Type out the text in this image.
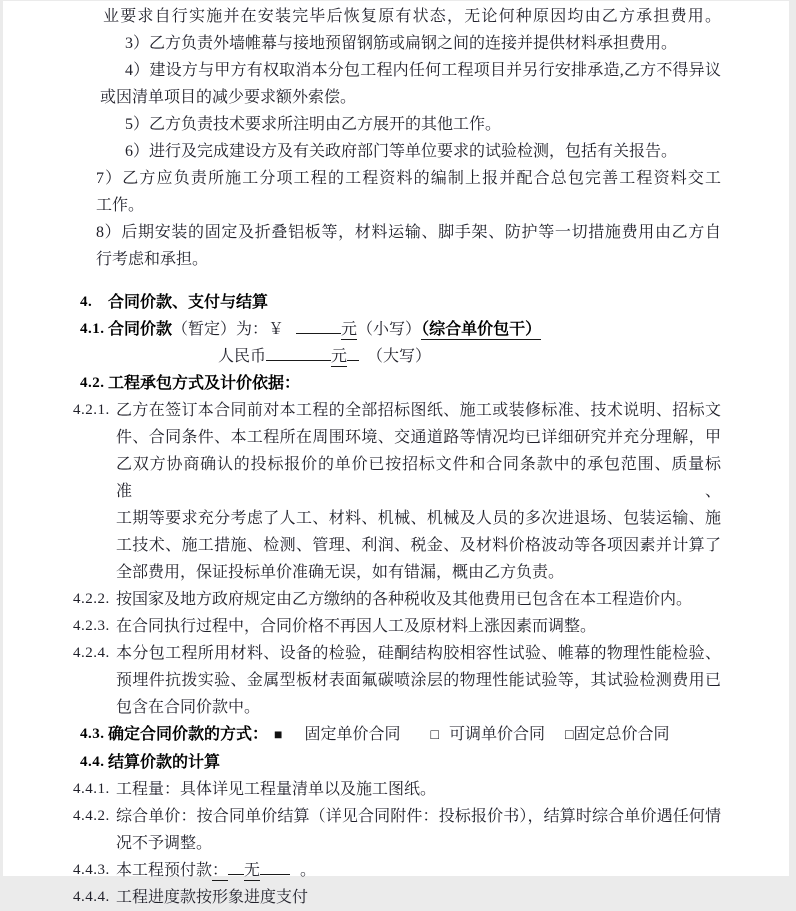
业要求自行实施并在安装完毕后恢复原有状态，无论何种原因均由乙方承担费用。
3）乙方负责外墙帷幕与接地预留钢筋或扁钢之间的连接并提供材料承担费用。
4）建设方与甲方有权取消本分包工程内任何工程项目并另行安排承造,乙方不得异议
或因清单项目的减少要求额外索偿。
5）乙方负责技术要求所注明由乙方展开的其他工作。
6）进行及完成建设方及有关政府部门等单位要求的试验检测，包括有关报告。
7）乙方应负责所施工分项工程的工程资料的编制上报并配合总包完善工程资料交工
工作。
8）后期安装的固定及折叠铝板等，材料运输、脚手架、防护等一切措施费用由乙方自
行考虑和承担。
4. 合同价款、支付与结算
4.1. 合同价款（暂定）为：￥	元（小写）（综合单价包干）
人民币	元 （大写）
4.2. 工程承包方式及计价依据：
4.2.1. 乙方在签订本合同前对本工程的全部招标图纸、施工或装修标准、技术说明、招标文
件、合同条件、本工程所在周围环境、交通道路等情况均已详细研究并充分理解，甲
乙双方协商确认的投标报价的单价已按招标文件和合同条款中的承包范围、质量标准、
工期等要求充分考虑了人工、材料、机械、机械及人员的多次进退场、包装运输、施
工技术、施工措施、检测、管理、利润、税金、及材料价格波动等各项因素并计算了
全部费用，保证投标单价准确无误，如有错漏，概由乙方负责。
4.2.2. 按国家及地方政府规定由乙方缴纳的各种税收及其他费用已包含在本工程造价内。
4.2.3. 在合同执行过程中，合同价格不再因人工及原材料上涨因素而调整。
4.2.4. 本分包工程所用材料、设备的检验，硅酮结构胶相容性试验、帷幕的物理性能检验、
预埋件抗拨实验、金属型板材表面氟碳喷涂层的物理性能试验等，其试验检测费用已
包含在合同价款中。
4.3. 确定合同价款的方式： ■ 固定单价合同 □ 可调单价合同 □固定总价合同
4.4. 结算价款的计算
4.4.1. 工程量：具体详见工程量清单以及施工图纸。
4.4.2. 综合单价：按合同单价结算（详见合同附件：投标报价书），结算时综合单价遇任何情
况不予调整。
4.4.3. 本工程预付款： 无	。
4.4.4. 工程进度款按形象进度支付
